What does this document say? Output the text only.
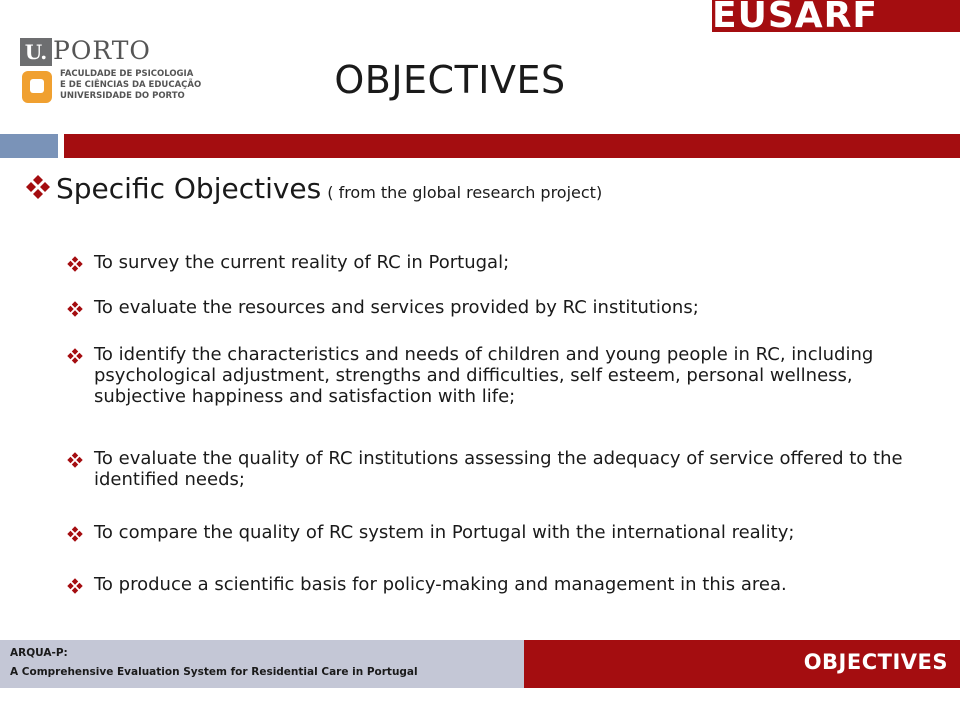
EUSARF 2014
U. PORTO
FACULDADE DE PSICOLOGIA
E DE CIÊNCIAS DA EDUCAÇÃO
UNIVERSIDADE DO PORTO	OBJECTIVES
Specific Objectives ( from the global research project)
To survey the current reality of RC in Portugal;
To evaluate the resources and services provided by RC institutions;
To identify the characteristics and needs of children and young people in RC, including psychological adjustment, strengths and difficulties, self esteem, personal wellness, subjective happiness and satisfaction with life;
To evaluate the quality of RC institutions assessing the adequacy of service offered to the identified needs;
To compare the quality of RC system in Portugal with the international reality;
To produce a scientific basis for policy-making and management in this area.
ARQUA-P:
A Comprehensive Evaluation System for Residential Care in Portugal	OBJECTIVES
